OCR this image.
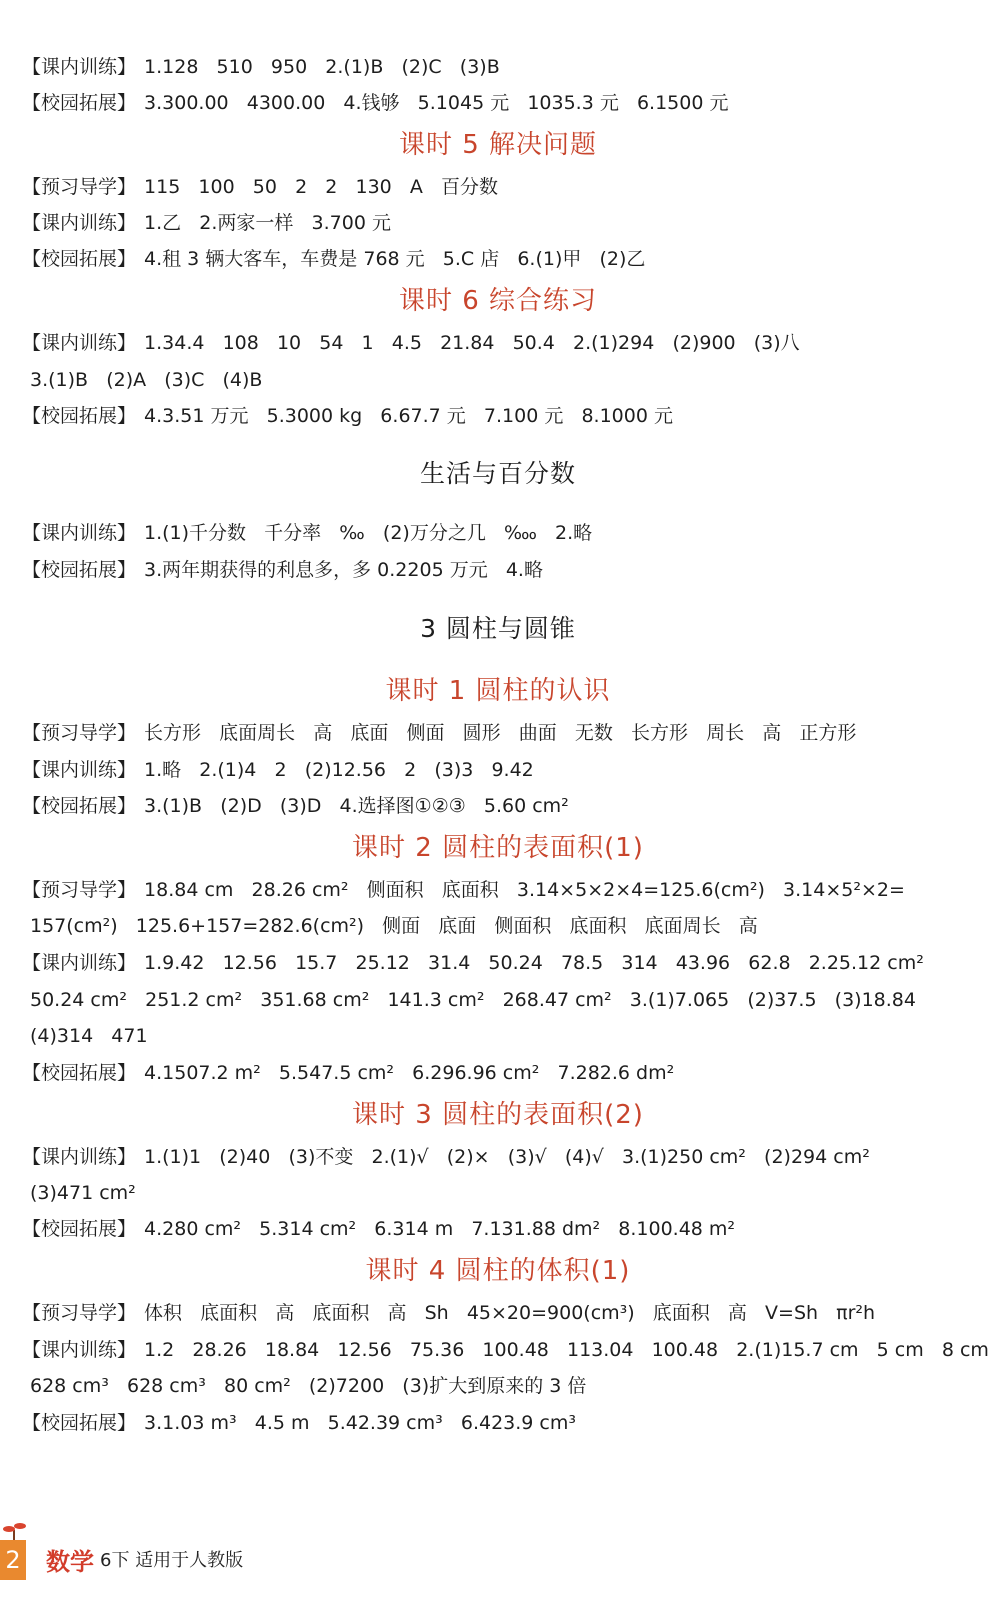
课时 5 解决问题
课时 6 综合练习
生活与百分数
3 圆柱与圆锥
课时 1 圆柱的认识
课时 2 圆柱的表面积(1)
课时 3 圆柱的表面积(2)
课时 4 圆柱的体积(1)
【课内训练】 1.128   510   950   2.(1)B   (2)C   (3)B
【校园拓展】 3.300.00   4300.00   4.钱够   5.1045 元   1035.3 元   6.1500 元
【预习导学】 115   100   50   2   2   130   A   百分数
【课内训练】 1.乙   2.两家一样   3.700 元
【校园拓展】 4.租 3 辆大客车，车费是 768 元   5.C 店   6.(1)甲   (2)乙
【课内训练】 1.34.4   108   10   54   1   4.5   21.84   50.4   2.(1)294   (2)900   (3)八
3.(1)B   (2)A   (3)C   (4)B
【校园拓展】 4.3.51 万元   5.3000 kg   6.67.7 元   7.100 元   8.1000 元
【课内训练】 1.(1)千分数   千分率   ‰   (2)万分之几   ‱   2.略
【校园拓展】 3.两年期获得的利息多，多 0.2205 万元   4.略
【预习导学】 长方形   底面周长   高   底面   侧面   圆形   曲面   无数   长方形   周长   高   正方形
【课内训练】 1.略   2.(1)4   2   (2)12.56   2   (3)3   9.42
【校园拓展】 3.(1)B   (2)D   (3)D   4.选择图①②③   5.60 cm²
【预习导学】 18.84 cm   28.26 cm²   侧面积   底面积   3.14×5×2×4=125.6(cm²)   3.14×5²×2=
157(cm²)   125.6+157=282.6(cm²)   侧面   底面   侧面积   底面积   底面周长   高
【课内训练】 1.9.42   12.56   15.7   25.12   31.4   50.24   78.5   314   43.96   62.8   2.25.12 cm²
50.24 cm²   251.2 cm²   351.68 cm²   141.3 cm²   268.47 cm²   3.(1)7.065   (2)37.5   (3)18.84
(4)314   471
【校园拓展】 4.1507.2 m²   5.547.5 cm²   6.296.96 cm²   7.282.6 dm²
【课内训练】 1.(1)1   (2)40   (3)不变   2.(1)√   (2)×   (3)√   (4)√   3.(1)250 cm²   (2)294 cm²
(3)471 cm²
【校园拓展】 4.280 cm²   5.314 cm²   6.314 m   7.131.88 dm²   8.100.48 m²
【预习导学】 体积   底面积   高   底面积   高   Sh   45×20=900(cm³)   底面积   高   V=Sh   πr²h
【课内训练】 1.2   28.26   18.84   12.56   75.36   100.48   113.04   100.48   2.(1)15.7 cm   5 cm   8 cm
628 cm³   628 cm³   80 cm²   (2)7200   (3)扩大到原来的 3 倍
【校园拓展】 3.1.03 m³   4.5 m   5.42.39 cm³   6.423.9 cm³
2 数学 6下 适用于人教版
